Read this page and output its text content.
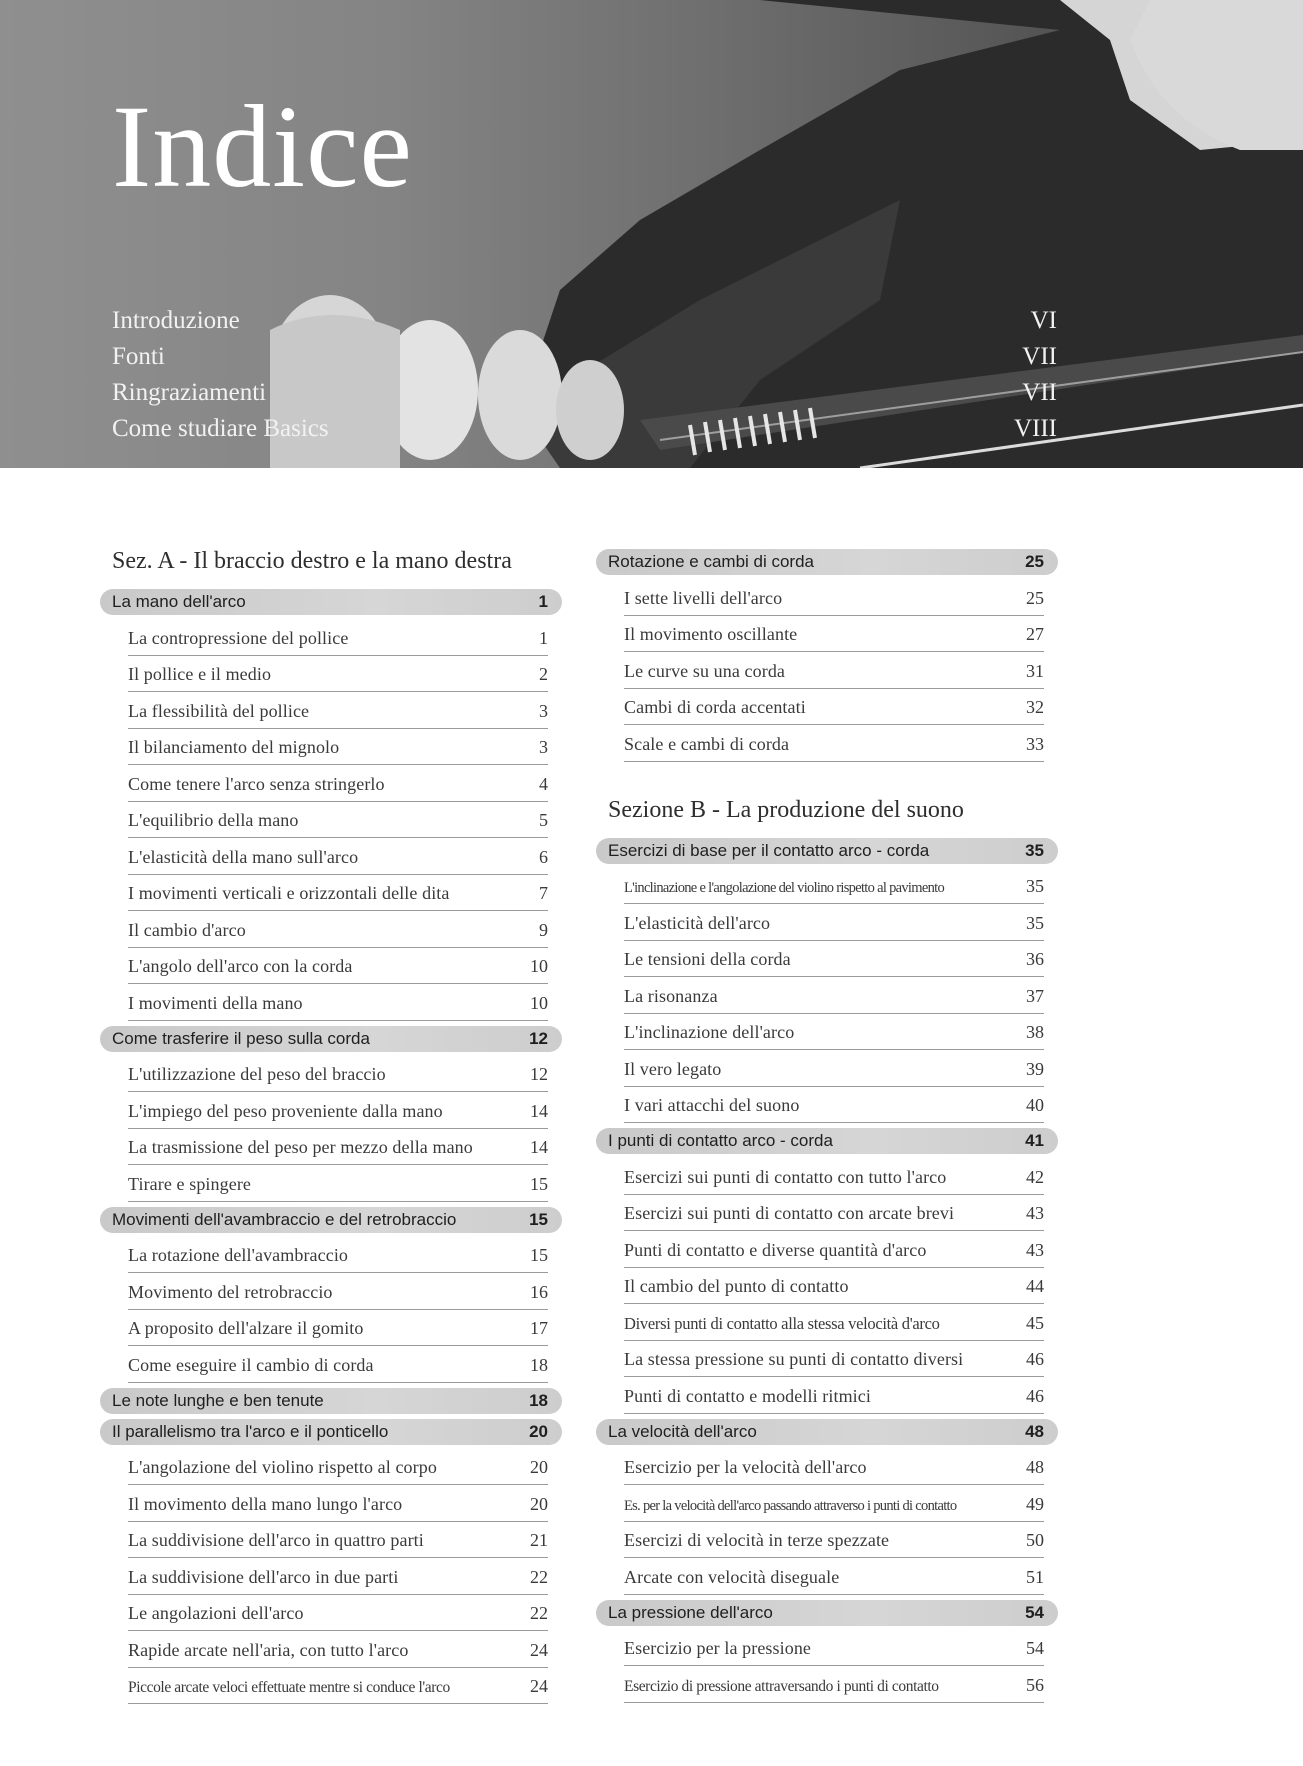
Indice
Introduzione	VI
Fonti	VII
Ringraziamenti	VII
Come studiare Basics	VIII
Sez. A - Il braccio destro e la mano destra
La mano dell'arco	1
La contropressione del pollice	1
Il pollice e il medio	2
La flessibilità del pollice	3
Il bilanciamento del mignolo	3
Come tenere l'arco senza stringerlo	4
L'equilibrio della mano	5
L'elasticità della mano sull'arco	6
I movimenti verticali e orizzontali delle dita	7
Il cambio d'arco	9
L'angolo dell'arco con la corda	10
I movimenti della mano	10
Come trasferire il peso sulla corda	12
L'utilizzazione del peso del braccio	12
L'impiego del peso proveniente dalla mano	14
La trasmissione del peso per mezzo della mano	14
Tirare e spingere	15
Movimenti dell'avambraccio e del retrobraccio	15
La rotazione dell'avambraccio	15
Movimento del retrobraccio	16
A proposito dell'alzare il gomito	17
Come eseguire il cambio di corda	18
Le note lunghe e ben tenute	18
Il parallelismo tra l'arco e il ponticello	20
L'angolazione del violino rispetto al corpo	20
Il movimento della mano lungo l'arco	20
La suddivisione dell'arco in quattro parti	21
La suddivisione dell'arco in due parti	22
Le angolazioni dell'arco	22
Rapide arcate nell'aria, con tutto l'arco	24
Piccole arcate veloci effettuate mentre si conduce l'arco	24
Rotazione e cambi di corda	25
I sette livelli dell'arco	25
Il movimento oscillante	27
Le curve su una corda	31
Cambi di corda accentati	32
Scale e cambi di corda	33
Sezione B - La produzione del suono
Esercizi di base per il contatto arco - corda	35
L'inclinazione e l'angolazione del violino rispetto al pavimento	35
L'elasticità dell'arco	35
Le tensioni della corda	36
La risonanza	37
L'inclinazione dell'arco	38
Il vero legato	39
I vari attacchi del suono	40
I punti di contatto arco - corda	41
Esercizi sui punti di contatto con tutto l'arco	42
Esercizi sui punti di contatto con arcate brevi	43
Punti di contatto e diverse quantità d'arco	43
Il cambio del punto di contatto	44
Diversi punti di contatto alla stessa velocità d'arco	45
La stessa pressione su punti di contatto diversi	46
Punti di contatto e modelli ritmici	46
La velocità dell'arco	48
Esercizio per la velocità dell'arco	48
Es. per la velocità dell'arco passando attraverso i punti di contatto	49
Esercizi di velocità in terze spezzate	50
Arcate con velocità diseguale	51
La pressione dell'arco	54
Esercizio per la pressione	54
Esercizio di pressione attraversando i punti di contatto	56
